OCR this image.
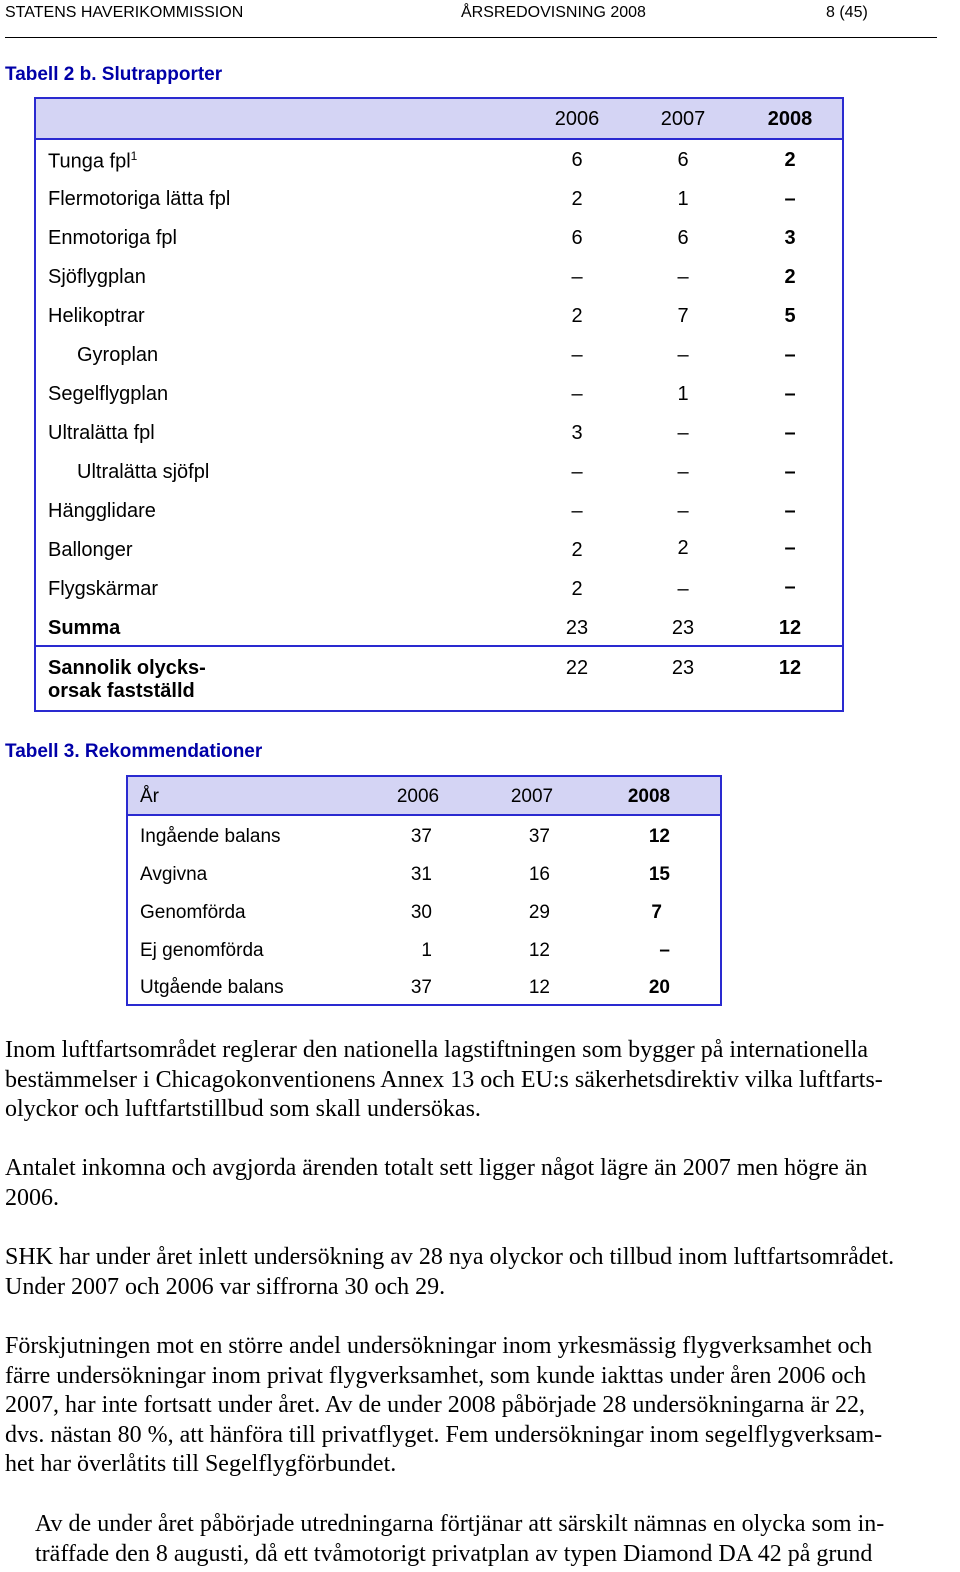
STATENS HAVERIKOMMISSION	ÅRSREDOVISNING 2008	8 (45)
Tabell 2 b. Slutrapporter
2006	2007	2008
Tunga fpl$^1$	6	6	2
Flermotoriga lätta fpl	2	1	–
Enmotoriga fpl	6	6	3
Sjöflygplan	–	–	2
Helikoptrar	2	7	5
Gyroplan	–	–	–
Segelflygplan	–	1	–
Ultralätta fpl	3	–	–
Ultralätta sjöfpl	–	–	–
Hängglidare	–	–	–
Ballonger	2	2	–
Flygskärmar	2	–	–
Summa	23	23	12
Sannolik olycks-
orsak fastställd
22	23	12
Tabell 3. Rekommendationer
År	2006	2007	2008
Ingående balans	37	37	12
Avgivna	31	16	15
Genomförda	30	29	7
Ej genomförda	1	12	–
Utgående balans	37	12	20
Inom luftfartsområdet reglerar den nationella lagstiftningen som bygger på internationella
bestämmelser i Chicagokonventionens Annex 13 och EU:s säkerhetsdirektiv vilka luftfarts-
olyckor och luftfartstillbud som skall undersökas.
Antalet inkomna och avgjorda ärenden totalt sett ligger något lägre än 2007 men högre än
2006.
SHK har under året inlett undersökning av 28 nya olyckor och tillbud inom luftfartsområdet.
Under 2007 och 2006 var siffrorna 30 och 29.
Förskjutningen mot en större andel undersökningar inom yrkesmässig flygverksamhet och
färre undersökningar inom privat flygverksamhet, som kunde iakttas under åren 2006 och
2007, har inte fortsatt under året. Av de under 2008 påbörjade 28 undersökningarna är 22,
dvs. nästan 80 %, att hänföra till privatflyget. Fem undersökningar inom segelflygverksam-
het har överlåtits till Segelflygförbundet.
Av de under året påbörjade utredningarna förtjänar att särskilt nämnas en olycka som in-
träffade den 8 augusti, då ett tvåmotorigt privatplan av typen Diamond DA 42 på grund
